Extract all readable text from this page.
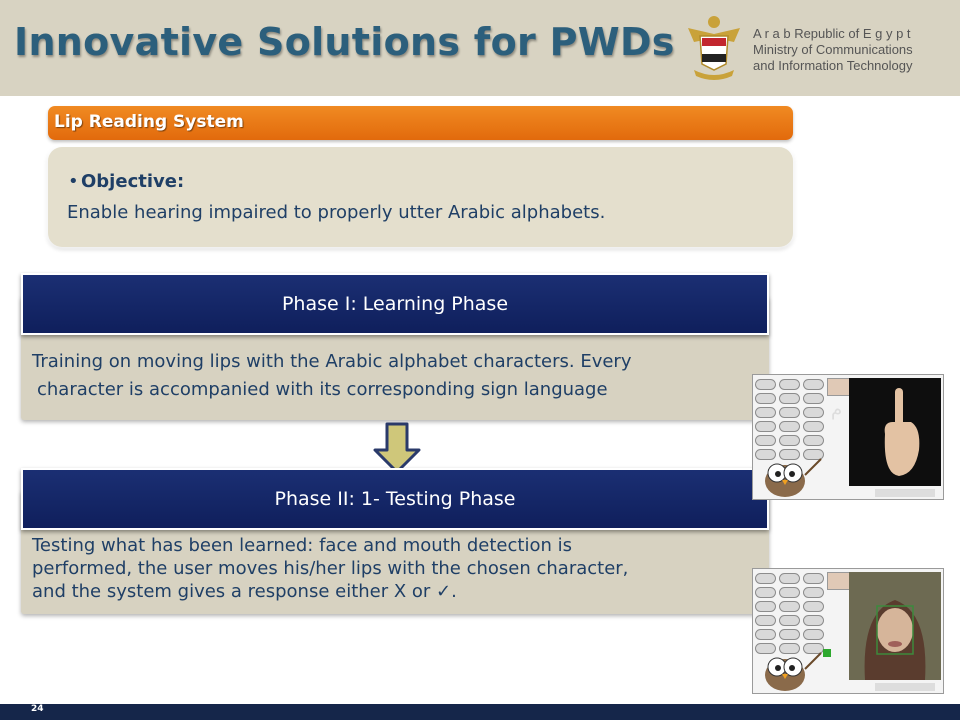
Innovative Solutions for PWDs	A r a b Republic of E g y p t
Ministry of Communications
and Information Technology
Lip Reading System
• Objective:
Enable hearing impaired to properly utter Arabic alphabets.
Training on moving lips with the Arabic alphabet characters. Every
character is accompanied with its corresponding sign language
Phase I: Learning Phase
Testing what has been learned: face and mouth detection is
performed, the user moves his/her lips with the chosen character,
and the system gives a response either X or ✓.
Phase II: 1- Testing Phase
م
24
